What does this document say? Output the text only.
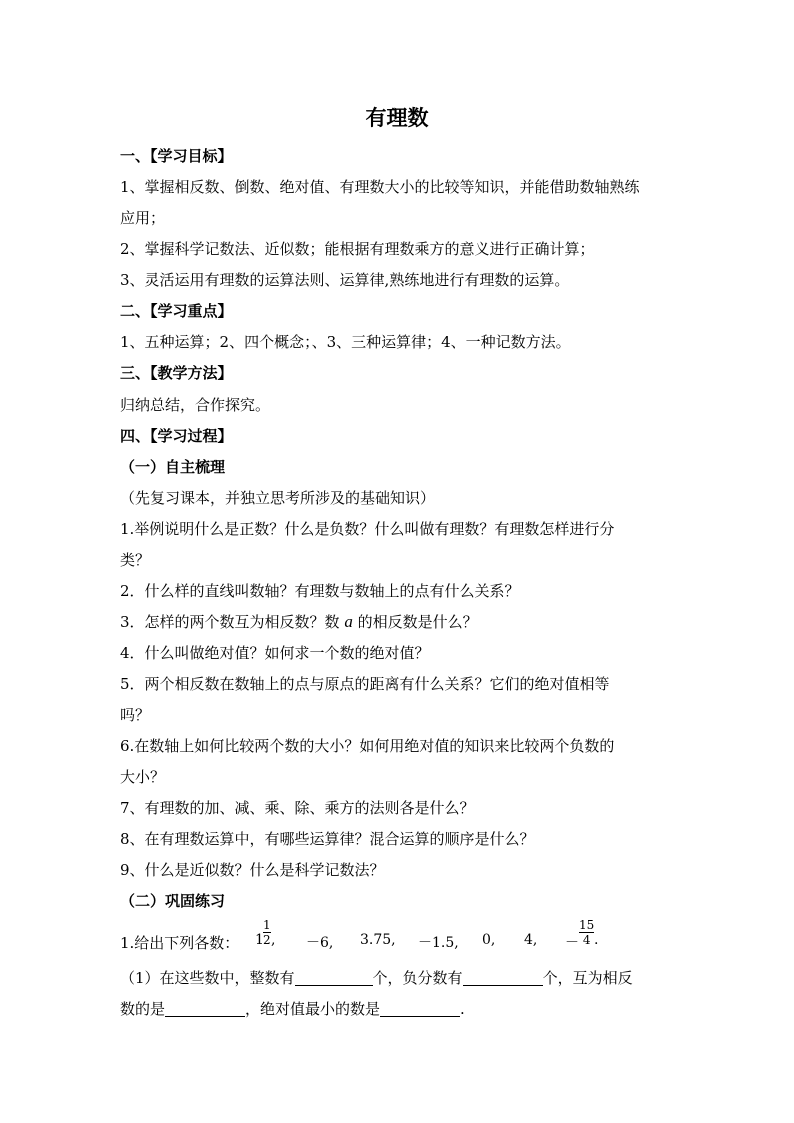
有理数
一、【学习目标】
1、掌握相反数、倒数、绝对值、有理数大小的比较等知识，并能借助数轴熟练
应用；
2、掌握科学记数法、近似数；能根据有理数乘方的意义进行正确计算；
3、灵活运用有理数的运算法则、运算律,熟练地进行有理数的运算。
二、【学习重点】
1、五种运算；2、四个概念；、3、三种运算律；4、一种记数方法。
三、【教学方法】
归纳总结，合作探究。
四、【学习过程】
（一）自主梳理
（先复习课本，并独立思考所涉及的基础知识）
1.举例说明什么是正数？什么是负数？什么叫做有理数？有理数怎样进行分
类？
2．什么样的直线叫数轴？有理数与数轴上的点有什么关系？
3．怎样的两个数互为相反数？数 a 的相反数是什么？
4．什么叫做绝对值？如何求一个数的绝对值？
5．两个相反数在数轴上的点与原点的距离有什么关系？它们的绝对值相等
吗？
6.在数轴上如何比较两个数的大小？如何用绝对值的知识来比较两个负数的
大小？
7、有理数的加、减、乘、除、乘方的法则各是什么？
8、在有理数运算中，有哪些运算律？混合运算的顺序是什么？
9、什么是近似数？什么是科学记数法？
（二）巩固练习
1.给出下列各数： $1 \frac{1}{2}$ , －6, 3.75, －1.5, 0, 4, － $\frac{15}{4}$ .
（1）在这些数中，整数有	个，负分数有	个，互为相反
数的是	，绝对值最小的数是	.
